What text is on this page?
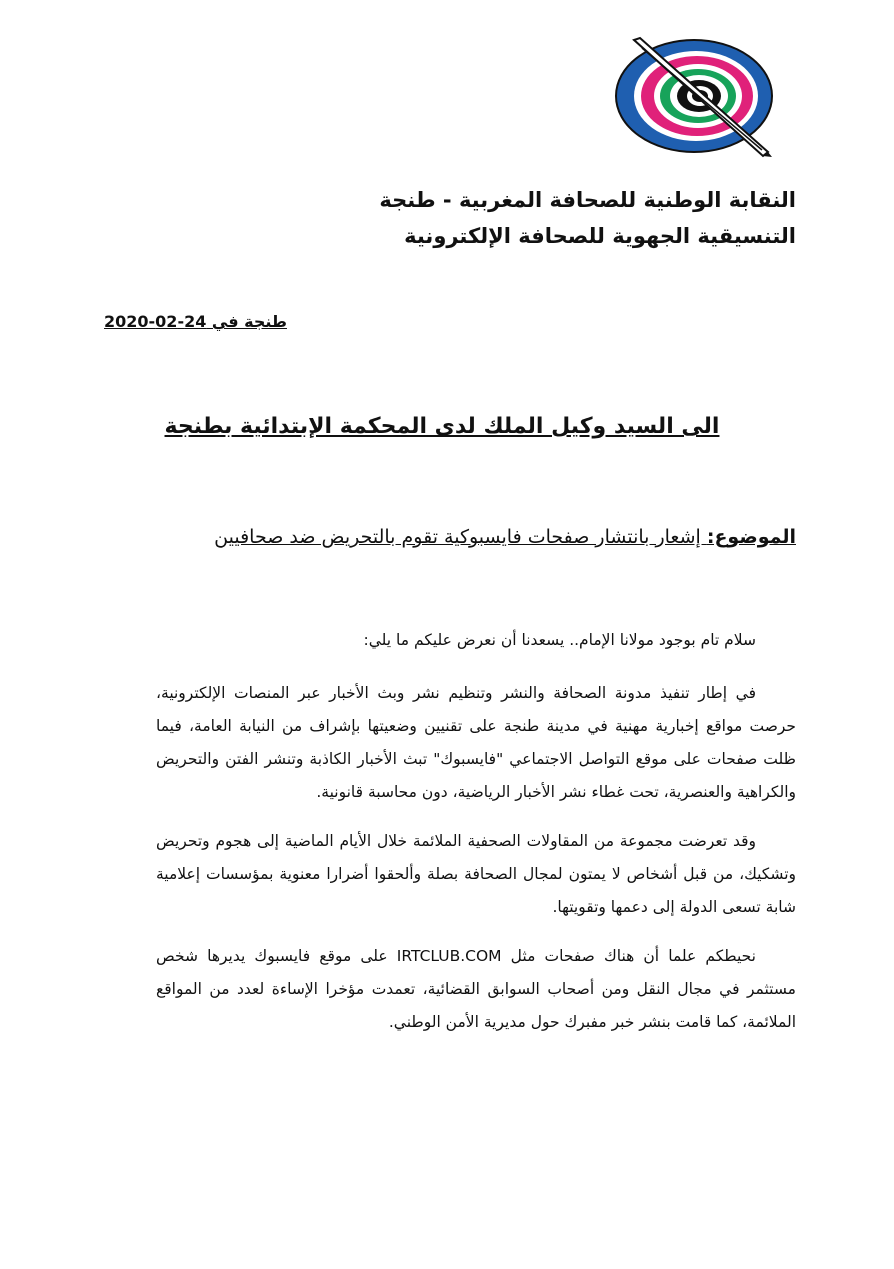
النقابة الوطنية للصحافة المغربية - طنجة
التنسيقية الجهوية للصحافة الإلكترونية
طنجة في 24-02-2020
الى السيد وكيل الملك لدى المحكمة الإبتدائية بطنجة
الموضوع: إشعار بانتشار صفحات فايسبوكية تقوم بالتحريض ضد صحافيين

سلام تام بوجود مولانا الإمام.. يسعدنا أن نعرض عليكم ما يلي:

في إطار تنفيذ مدونة الصحافة والنشر وتنظيم نشر وبث الأخبار عبر المنصات الإلكترونية، حرصت مواقع إخبارية مهنية في مدينة طنجة على تقنيين وضعيتها بإشراف من النيابة العامة، فيما ظلت صفحات على موقع التواصل الاجتماعي "فايسبوك" تبث الأخبار الكاذبة وتنشر الفتن والتحريض والكراهية والعنصرية، تحت غطاء نشر الأخبار الرياضية، دون محاسبة قانونية.

وقد تعرضت مجموعة من المقاولات الصحفية الملائمة خلال الأيام الماضية إلى هجوم وتحريض وتشكيك، من قبل أشخاص لا يمتون لمجال الصحافة بصلة وألحقوا أضرارا معنوية بمؤسسات إعلامية شابة تسعى الدولة إلى دعمها وتقويتها.

نحيطكم علما أن هناك صفحات مثل IRTCLUB.COM على موقع فايسبوك يديرها شخص مستثمر في مجال النقل ومن أصحاب السوابق القضائية، تعمدت مؤخرا الإساءة لعدد من المواقع الملائمة، كما قامت بنشر خبر مفبرك حول مديرية الأمن الوطني.
